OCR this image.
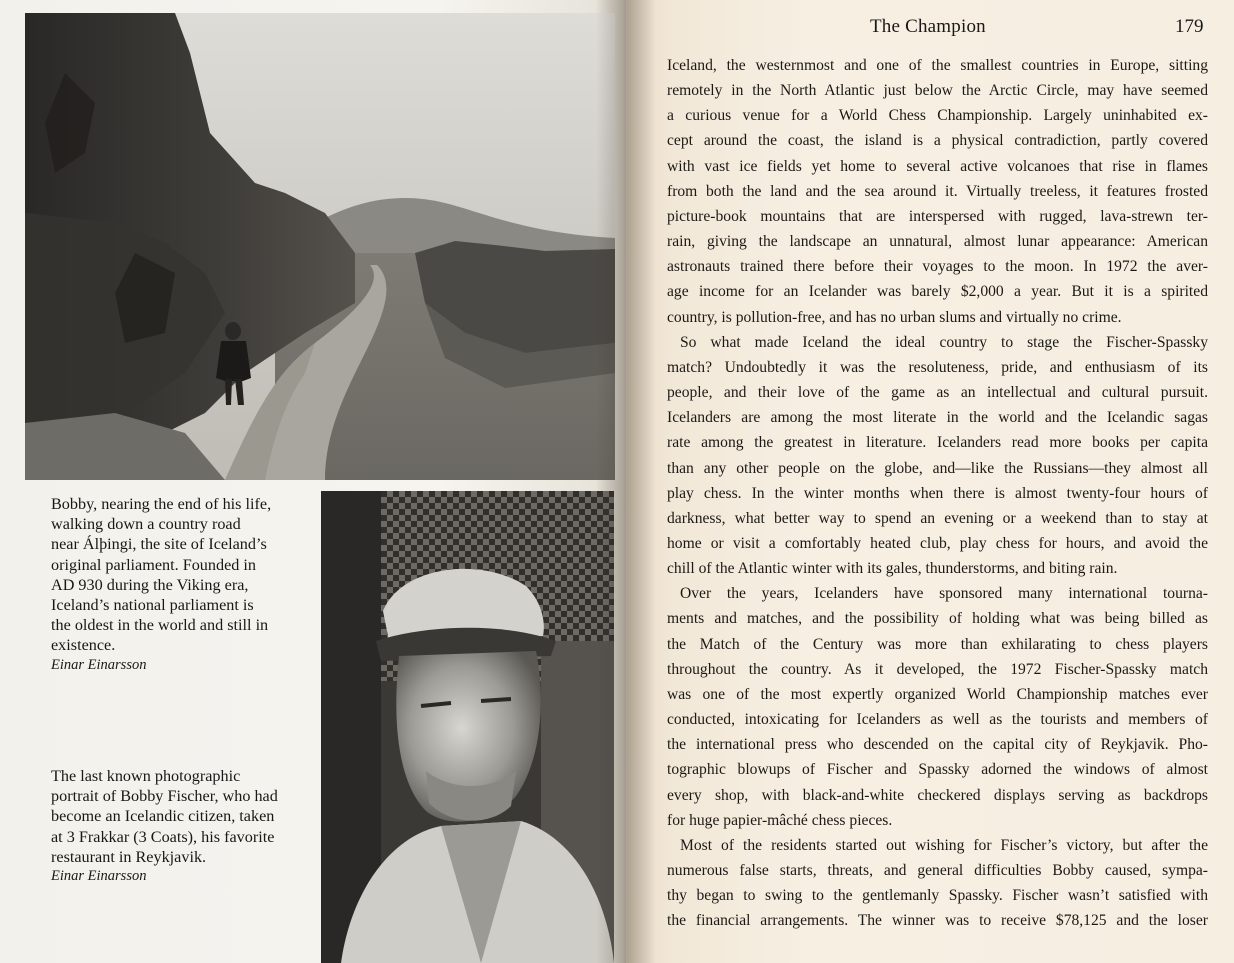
Bobby, nearing the end of his life,

walking down a country road

near Álþingi, the site of Iceland’s

original parliament. Founded in

AD 930 during the Viking era,

Iceland’s national parliament is

the oldest in the world and still in

existence.

Einar Einarsson

The last known photographic

portrait of Bobby Fischer, who had

become an Icelandic citizen, taken

at 3 Frakkar (3 Coats), his favorite

restaurant in Reykjavik.

Einar Einarsson

The Champion	179

Iceland, the westernmost and one of the smallest countries in Europe, sitting

remotely in the North Atlantic just below the Arctic Circle, may have seemed

a curious venue for a World Chess Championship. Largely uninhabited ex-

cept around the coast, the island is a physical contradiction, partly covered

with vast ice fields yet home to several active volcanoes that rise in flames

from both the land and the sea around it. Virtually treeless, it features frosted

picture-book mountains that are interspersed with rugged, lava-strewn ter-

rain, giving the landscape an unnatural, almost lunar appearance: American

astronauts trained there before their voyages to the moon. In 1972 the aver-

age income for an Icelander was barely $2,000 a year. But it is a spirited

country, is pollution-free, and has no urban slums and virtually no crime.

So what made Iceland the ideal country to stage the Fischer-Spassky

match? Undoubtedly it was the resoluteness, pride, and enthusiasm of its

people, and their love of the game as an intellectual and cultural pursuit.

Icelanders are among the most literate in the world and the Icelandic sagas

rate among the greatest in literature. Icelanders read more books per capita

than any other people on the globe, and—like the Russians—they almost all

play chess. In the winter months when there is almost twenty-four hours of

darkness, what better way to spend an evening or a weekend than to stay at

home or visit a comfortably heated club, play chess for hours, and avoid the

chill of the Atlantic winter with its gales, thunderstorms, and biting rain.

Over the years, Icelanders have sponsored many international tourna-

ments and matches, and the possibility of holding what was being billed as

the Match of the Century was more than exhilarating to chess players

throughout the country. As it developed, the 1972 Fischer-Spassky match

was one of the most expertly organized World Championship matches ever

conducted, intoxicating for Icelanders as well as the tourists and members of

the international press who descended on the capital city of Reykjavik. Pho-

tographic blowups of Fischer and Spassky adorned the windows of almost

every shop, with black-and-white checkered displays serving as backdrops

for huge papier-mâché chess pieces.

Most of the residents started out wishing for Fischer’s victory, but after the

numerous false starts, threats, and general difficulties Bobby caused, sympa-

thy began to swing to the gentlemanly Spassky. Fischer wasn’t satisfied with

the financial arrangements. The winner was to receive $78,125 and the loser
